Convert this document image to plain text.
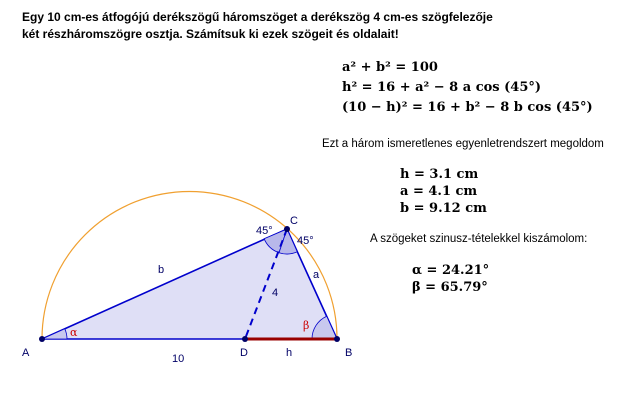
Egy 10 cm-es átfogójú derékszögű háromszöget a derékszög 4 cm-es szögfelezője
két részháromszögre osztja. Számítsuk ki ezek szögeit és oldalait!
a² + b² = 100
h² = 16 + a² − 8 a cos (45°)
(10 − h)² = 16 + b² − 8 b cos (45°)
Ezt a három ismeretlenes egyenletrendszert megoldom
h = 3.1 cm
a = 4.1 cm
b = 9.12 cm
A szögeket szinusz-tételekkel kiszámolom:
α = 24.21°
β = 65.79°
A	B
C
D
b	a
h
10
4
45°
45°
α
β
